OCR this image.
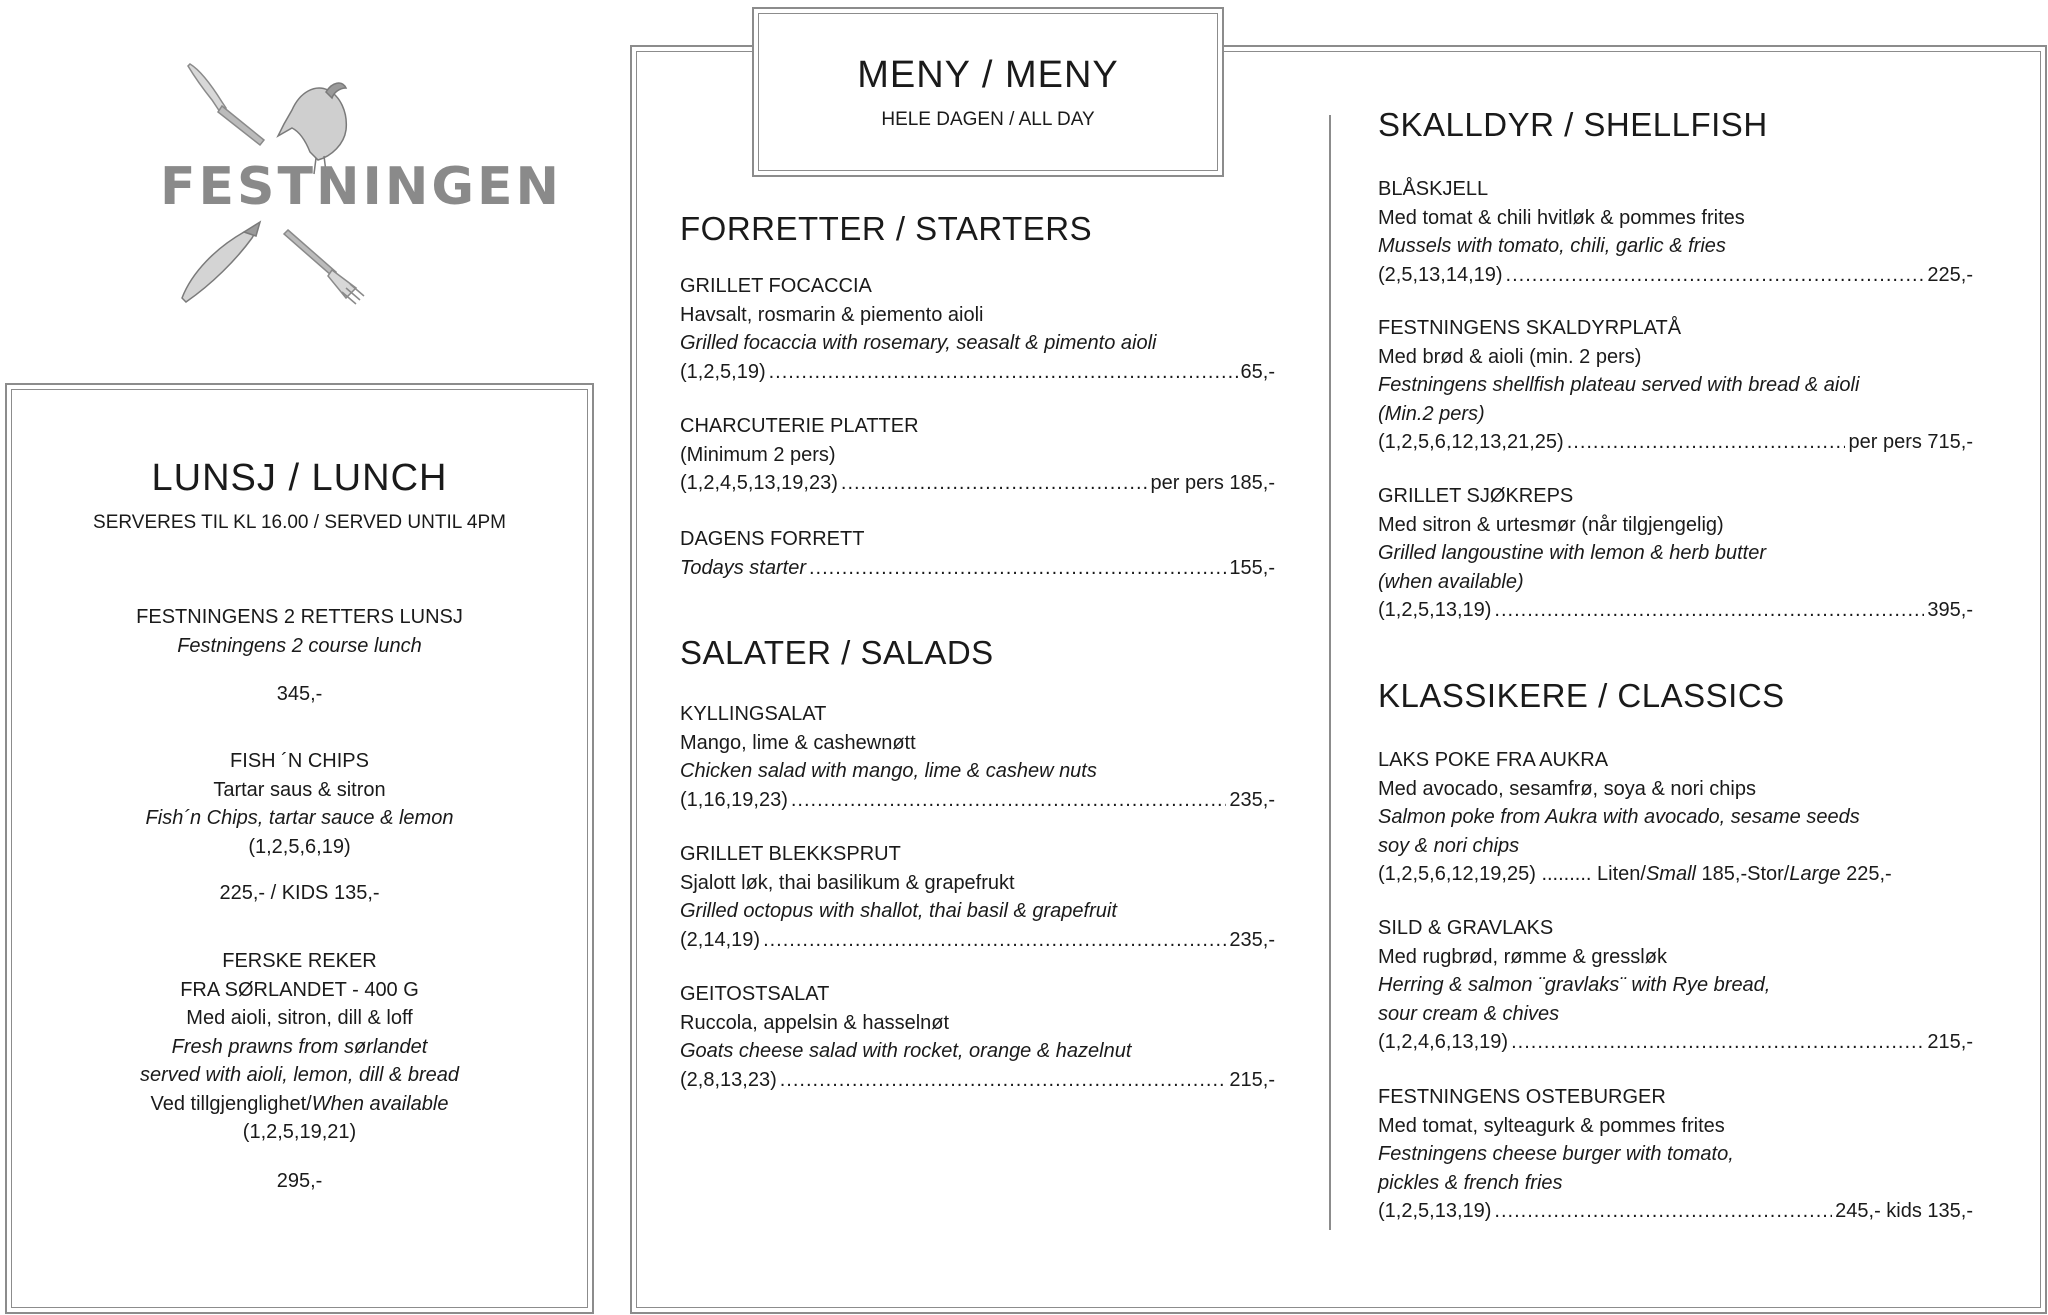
FESTNINGEN
LUNSJ / LUNCH
SERVERES TIL KL 16.00 / SERVED UNTIL 4PM
FESTNINGENS 2 RETTERS LUNSJ
Festningens 2 course lunch
345,-
FISH ´N CHIPS
Tartar saus & sitron
Fish´n Chips, tartar sauce & lemon
(1,2,5,6,19)
225,- / KIDS 135,-
FERSKE REKER
FRA SØRLANDET - 400 G
Med aioli, sitron, dill & loff
Fresh prawns from sørlandet
served with aioli, lemon, dill & bread
Ved tillgjenglighet/When available
(1,2,5,19,21)
295,-
MENY / MENY
HELE DAGEN / ALL DAY
FORRETTER / STARTERS
GRILLET FOCACCIA
Havsalt, rosmarin & piemento aioli
Grilled focaccia with rosemary, seasalt & pimento aioli
(1,2,5,19) .....	65,-
CHARCUTERIE PLATTER
(Minimum 2 pers)
(1,2,4,5,13,19,23) .....	per pers 185,-
DAGENS FORRETT
Todays starter .....	155,-
SALATER / SALADS
KYLLINGSALAT
Mango, lime & cashewnøtt
Chicken salad with mango, lime & cashew nuts
(1,16,19,23) .....	235,-
GRILLET BLEKKSPRUT
Sjalott løk, thai basilikum & grapefrukt
Grilled octopus with shallot, thai basil & grapefruit
(2,14,19) .....	235,-
GEITOSTSALAT
Ruccola, appelsin & hasselnøt
Goats cheese salad with rocket, orange & hazelnut
(2,8,13,23) .....	215,-
SKALLDYR / SHELLFISH
BLÅSKJELL
Med tomat & chili hvitløk & pommes frites
Mussels with tomato, chili, garlic & fries
(2,5,13,14,19) .....	225,-
FESTNINGENS SKALDYRPLATÅ
Med brød & aioli (min. 2 pers)
Festningens shellfish plateau served with bread & aioli
(Min.2 pers)
(1,2,5,6,12,13,21,25) .....	per pers 715,-
GRILLET SJØKREPS
Med sitron & urtesmør (når tilgjengelig)
Grilled langoustine with lemon & herb butter
(when available)
(1,2,5,13,19) .....	395,-
KLASSIKERE / CLASSICS
LAKS POKE FRA AUKRA
Med avocado, sesamfrø, soya & nori chips
Salmon poke from Aukra with avocado, sesame seeds
soy & nori chips
(1,2,5,6,12,19,25) ......... Liten/Small 185,-Stor/Large 225,-
SILD & GRAVLAKS
Med rugbrød, rømme & gressløk
Herring & salmon ¨gravlaks¨ with Rye bread,
sour cream & chives
(1,2,4,6,13,19) .....	215,-
FESTNINGENS OSTEBURGER
Med tomat, sylteagurk & pommes frites
Festningens cheese burger with tomato,
pickles & french fries
(1,2,5,13,19) .....	245,- kids 135,-
